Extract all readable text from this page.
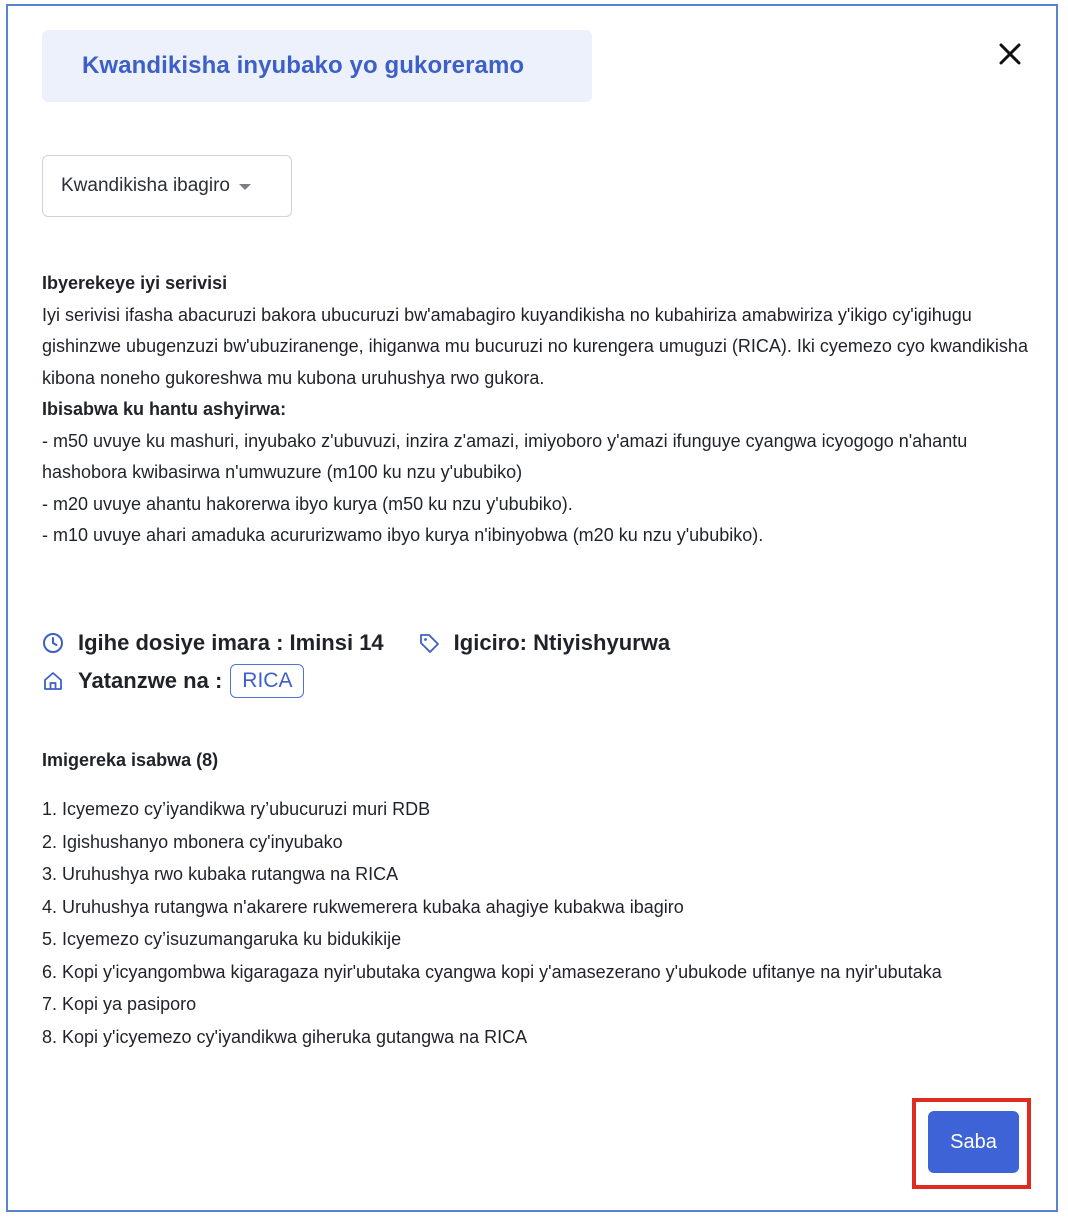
Kwandikisha inyubako yo gukoreramo
Kwandikisha ibagiro
Ibyerekeye iyi serivisi
Iyi serivisi ifasha abacuruzi bakora ubucuruzi bw'amabagiro kuyandikisha no kubahiriza amabwiriza y'ikigo cy'igihugu gishinzwe ubugenzuzi bw'ubuziranenge, ihiganwa mu bucuruzi no kurengera umuguzi (RICA). Iki cyemezo cyo kwandikisha kibona noneho gukoreshwa mu kubona uruhushya rwo gukora.
Ibisabwa ku hantu ashyirwa:
- m50 uvuye ku mashuri, inyubako z'ubuvuzi, inzira z'amazi, imiyoboro y'amazi ifunguye cyangwa icyogogo n'ahantu hashobora kwibasirwa n'umwuzure (m100 ku nzu y'ububiko)
- m20 uvuye ahantu hakorerwa ibyo kurya (m50 ku nzu y'ububiko).
- m10 uvuye ahari amaduka acururizwamo ibyo kurya n'ibinyobwa (m20 ku nzu y'ububiko).
Igihe dosiye imara : Iminsi 14	Igiciro: Ntiyishyurwa
Yatanzwe na : RICA
Imigereka isabwa (8)
1. Icyemezo cy’iyandikwa ry’ubucuruzi muri RDB
2. Igishushanyo mbonera cy'inyubako
3. Uruhushya rwo kubaka rutangwa na RICA
4. Uruhushya rutangwa n'akarere rukwemerera kubaka ahagiye kubakwa ibagiro
5. Icyemezo cy’isuzumangaruka ku bidukikije
6. Kopi y'icyangombwa kigaragaza nyir'ubutaka cyangwa kopi y'amasezerano y'ubukode ufitanye na nyir'ubutaka
7. Kopi ya pasiporo
8. Kopi y'icyemezo cy'iyandikwa giheruka gutangwa na RICA
Saba
